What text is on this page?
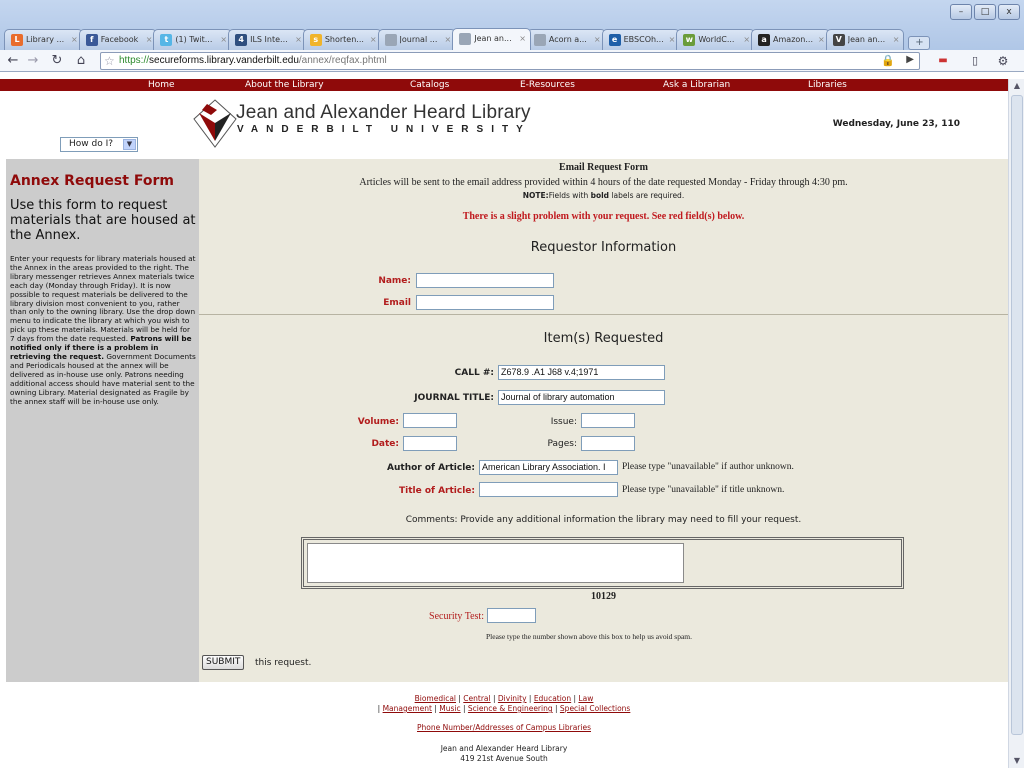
– □ x
L Library ... × f Facebook × t (1) Twit... × 4 ILS Inte... × s Shorten... ×	Journal ... ×	Jean an... ×	Acorn a... × e EBSCOh... × w WorldC... × a Amazon... × V Jean an... × +
← → ↻	⌂	☆ https://secureforms.library.vanderbilt.edu/annex/reqfax.phtml	🔒 ▶	▬	▯	⚙
Home	About the Library	Catalogs	E-Resources	Ask a Librarian	Libraries
Jean and Alexander Heard Library
VANDERBILT UNIVERSITY
How do I?	▼
Wednesday, June 23, 110
Annex Request Form
Use this form to request materials that are housed at the Annex.
Enter your requests for library materials housed at the Annex in the areas provided to the right. The library messenger retrieves Annex materials twice each day (Monday through Friday). It is now possible to request materials be delivered to the library division most convenient to you, rather than only to the owning library. Use the drop down menu to indicate the library at which you wish to pick up these materials. Materials will be held for 7 days from the date requested. Patrons will be notified only if there is a problem in retrieving the request. Government Documents and Periodicals housed at the annex will be delivered as in-house use only. Patrons needing additional access should have material sent to the owning Library. Material designated as Fragile by the annex staff will be in-house use only.
Email Request Form
Articles will be sent to the email address provided within 4 hours of the date requested Monday - Friday through 4:30 pm.
NOTE:Fields with bold labels are required.
There is a slight problem with your request. See red field(s) below.
Requestor Information
Name:
Email
Item(s) Requested
CALL #: Z678.9 .A1 J68 v.4;1971
JOURNAL TITLE: Journal of library automation
Volume:	Issue:
Date:	Pages:
Author of Article: American Library Association. I	Please type "unavailable" if author unknown.
Title of Article:	Please type "unavailable" if title unknown.
Comments: Provide any additional information the library may need to fill your request.
10129
Security Test:
Please type the number shown above this box to help us avoid spam.
SUBMIT	this request.
Biomedical | Central | Divinity | Education | Law
| Management | Music | Science & Engineering | Special Collections
Phone Number/Addresses of Campus Libraries
Jean and Alexander Heard Library
419 21st Avenue South
▲
▼
